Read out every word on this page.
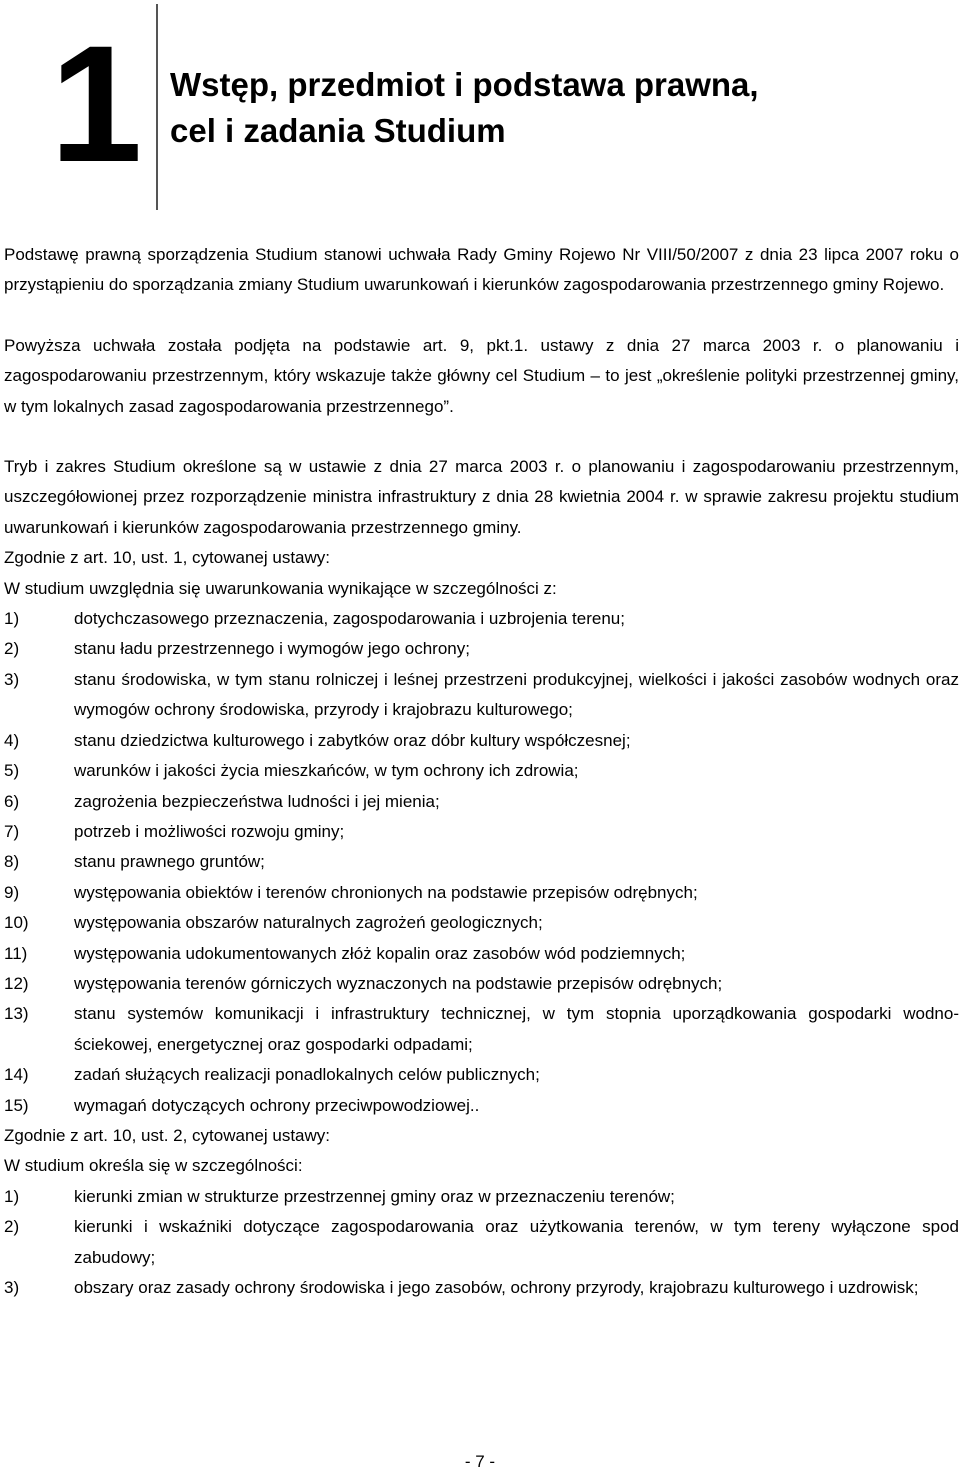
1 Wstęp, przedmiot i podstawa prawna,
cel i zadania Studium

Podstawę prawną sporządzenia Studium stanowi uchwała Rady Gminy Rojewo Nr VIII/50/2007 z dnia 23 lipca 2007 roku o przystąpieniu do sporządzania zmiany Studium uwarunkowań i kierunków zagospodarowania przestrzennego gminy Rojewo.

Powyższa uchwała została podjęta na podstawie art. 9, pkt.1. ustawy z dnia 27 marca 2003 r. o planowaniu i zagospodarowaniu przestrzennym, który wskazuje także główny cel Studium – to jest „określenie polityki przestrzennej gminy, w tym lokalnych zasad zagospodarowania przestrzennego”.

Tryb i zakres Studium określone są w ustawie z dnia 27 marca 2003 r. o planowaniu i zagospodarowaniu przestrzennym, uszczegółowionej przez rozporządzenie ministra infrastruktury z dnia 28 kwietnia 2004 r. w sprawie zakresu projektu studium uwarunkowań i kierunków zagospodarowania przestrzennego gminy.

Zgodnie z art. 10, ust. 1, cytowanej ustawy:

W studium uwzględnia się uwarunkowania wynikające w szczególności z:

1)	dotychczasowego przeznaczenia, zagospodarowania i uzbrojenia terenu;
2)	stanu ładu przestrzennego i wymogów jego ochrony;
3)	stanu środowiska, w tym stanu rolniczej i leśnej przestrzeni produkcyjnej, wielkości i jakości zasobów wodnych oraz wymogów ochrony środowiska, przyrody i krajobrazu kulturowego;
4)	stanu dziedzictwa kulturowego i zabytków oraz dóbr kultury współczesnej;
5)	warunków i jakości życia mieszkańców, w tym ochrony ich zdrowia;
6)	zagrożenia bezpieczeństwa ludności i jej mienia;
7)	potrzeb i możliwości rozwoju gminy;
8)	stanu prawnego gruntów;
9)	występowania obiektów i terenów chronionych na podstawie przepisów odrębnych;
10)	występowania obszarów naturalnych zagrożeń geologicznych;
11)	występowania udokumentowanych złóż kopalin oraz zasobów wód podziemnych;
12)	występowania terenów górniczych wyznaczonych na podstawie przepisów odrębnych;
13)	stanu systemów komunikacji i infrastruktury technicznej, w tym stopnia uporządkowania gospodarki wodno-ściekowej, energetycznej oraz gospodarki odpadami;
14)	zadań służących realizacji ponadlokalnych celów publicznych;
15)	wymagań dotyczących ochrony przeciwpowodziowej..

Zgodnie z art. 10, ust. 2, cytowanej ustawy:

W studium określa się w szczególności:

1)	kierunki zmian w strukturze przestrzennej gminy oraz w przeznaczeniu terenów;
2)	kierunki i wskaźniki dotyczące zagospodarowania oraz użytkowania terenów, w tym tereny wyłączone spod zabudowy;
3)	obszary oraz zasady ochrony środowiska i jego zasobów, ochrony przyrody, krajobrazu kulturowego i uzdrowisk;
- 7 -
